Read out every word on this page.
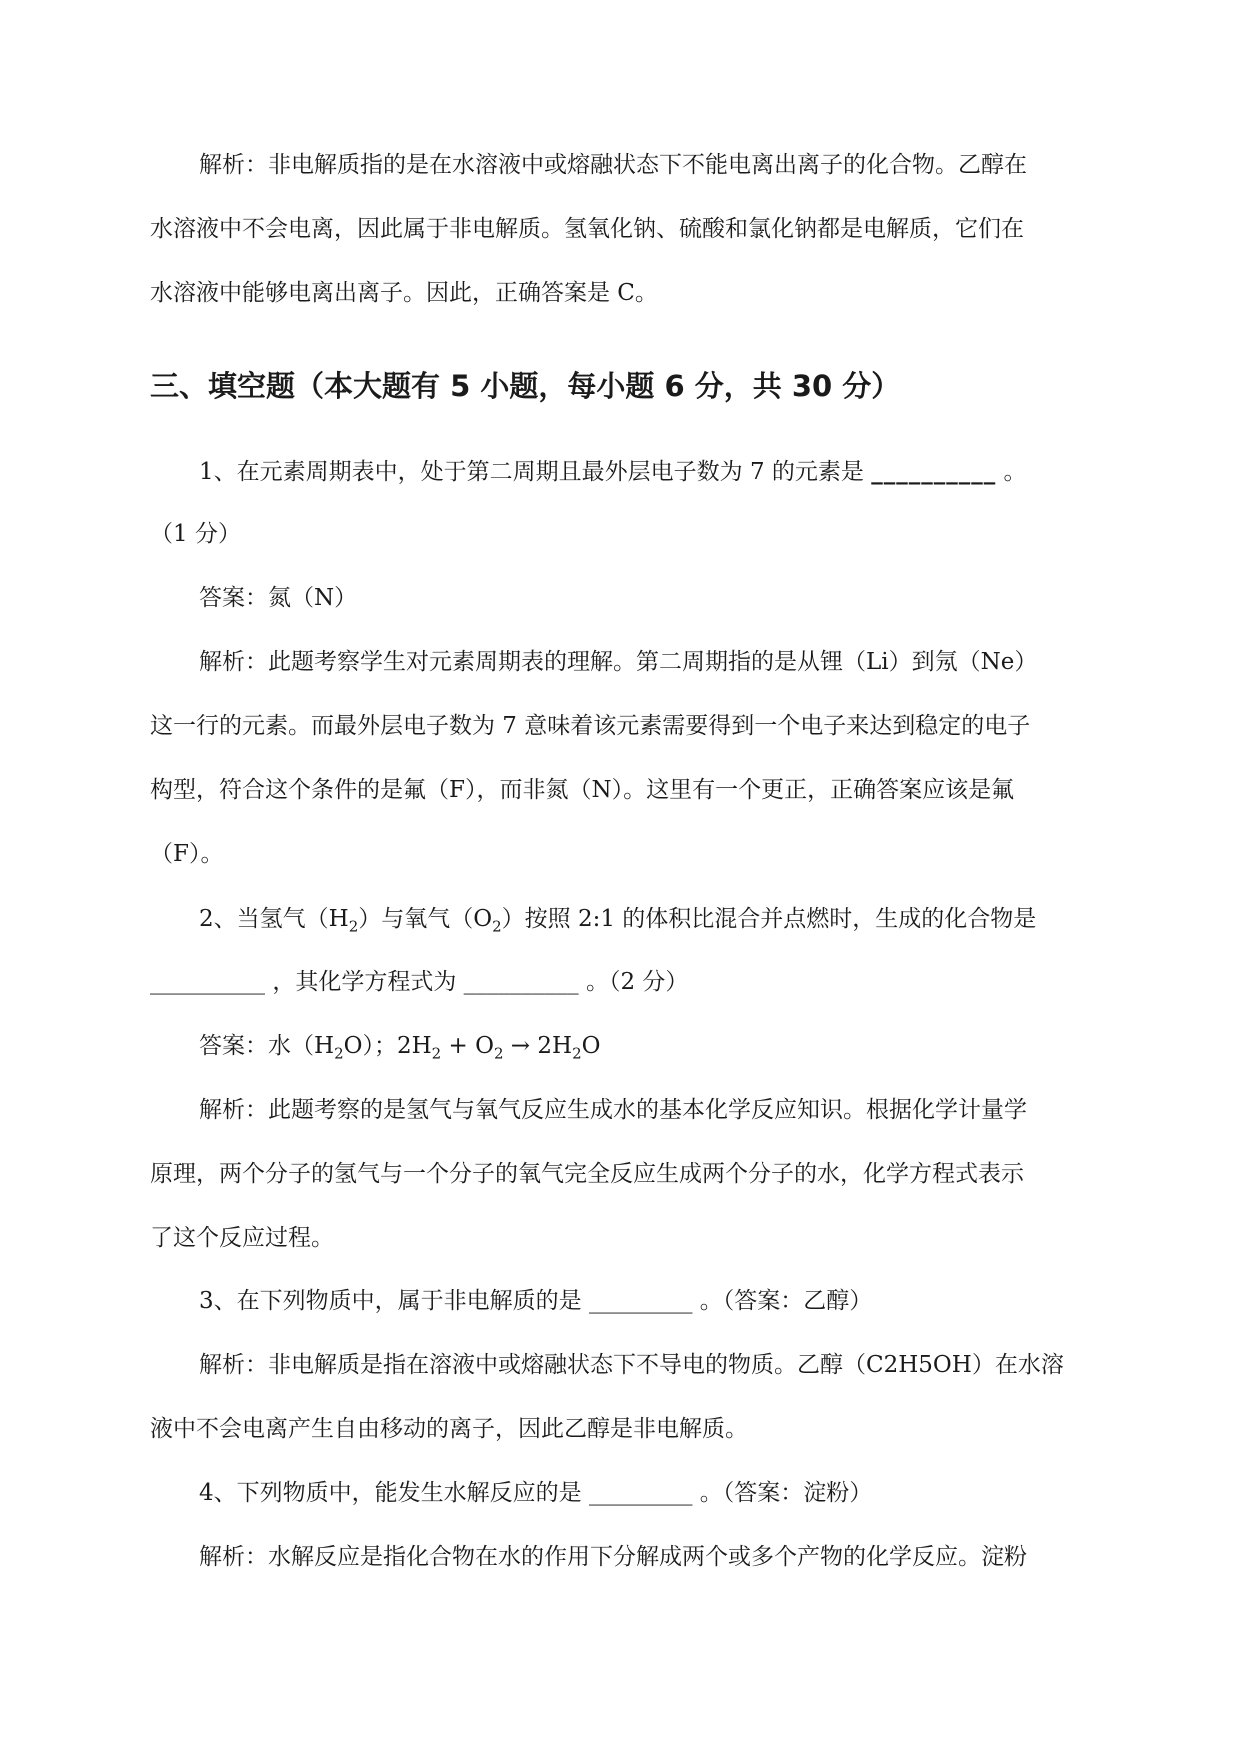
解析：非电解质指的是在水溶液中或熔融状态下不能电离出离子的化合物。乙醇在
水溶液中不会电离，因此属于非电解质。氢氧化钠、硫酸和氯化钠都是电解质，它们在
水溶液中能够电离出离子。因此，正确答案是 C。
三、填空题（本大题有 5 小题，每小题 6 分，共 30 分）
1、在元素周期表中，处于第二周期且最外层电子数为 7 的元素是 __________ 。
（1 分）
答案：氮（N）
解析：此题考察学生对元素周期表的理解。第二周期指的是从锂（Li）到氖（Ne）
这一行的元素。而最外层电子数为 7 意味着该元素需要得到一个电子来达到稳定的电子
构型，符合这个条件的是氟（F），而非氮（N）。这里有一个更正，正确答案应该是氟
（F）。
2、当氢气$(H_2)$与氧气$(O_2)$按照 2:1 的体积比混合并点燃时，生成的化合物是
__________ ，其化学方程式为 __________ 。（2 分）
答案：水$(H_2O)$；$2H_2 + O_2 \to 2H_2O$
解析：此题考察的是氢气与氧气反应生成水的基本化学反应知识。根据化学计量学
原理，两个分子的氢气与一个分子的氧气完全反应生成两个分子的水，化学方程式表示
了这个反应过程。
3、在下列物质中，属于非电解质的是 _________ 。（答案：乙醇）
解析：非电解质是指在溶液中或熔融状态下不导电的物质。乙醇（C2H5OH）在水溶
液中不会电离产生自由移动的离子，因此乙醇是非电解质。
4、下列物质中，能发生水解反应的是 _________ 。（答案：淀粉）
解析：水解反应是指化合物在水的作用下分解成两个或多个产物的化学反应。淀粉
